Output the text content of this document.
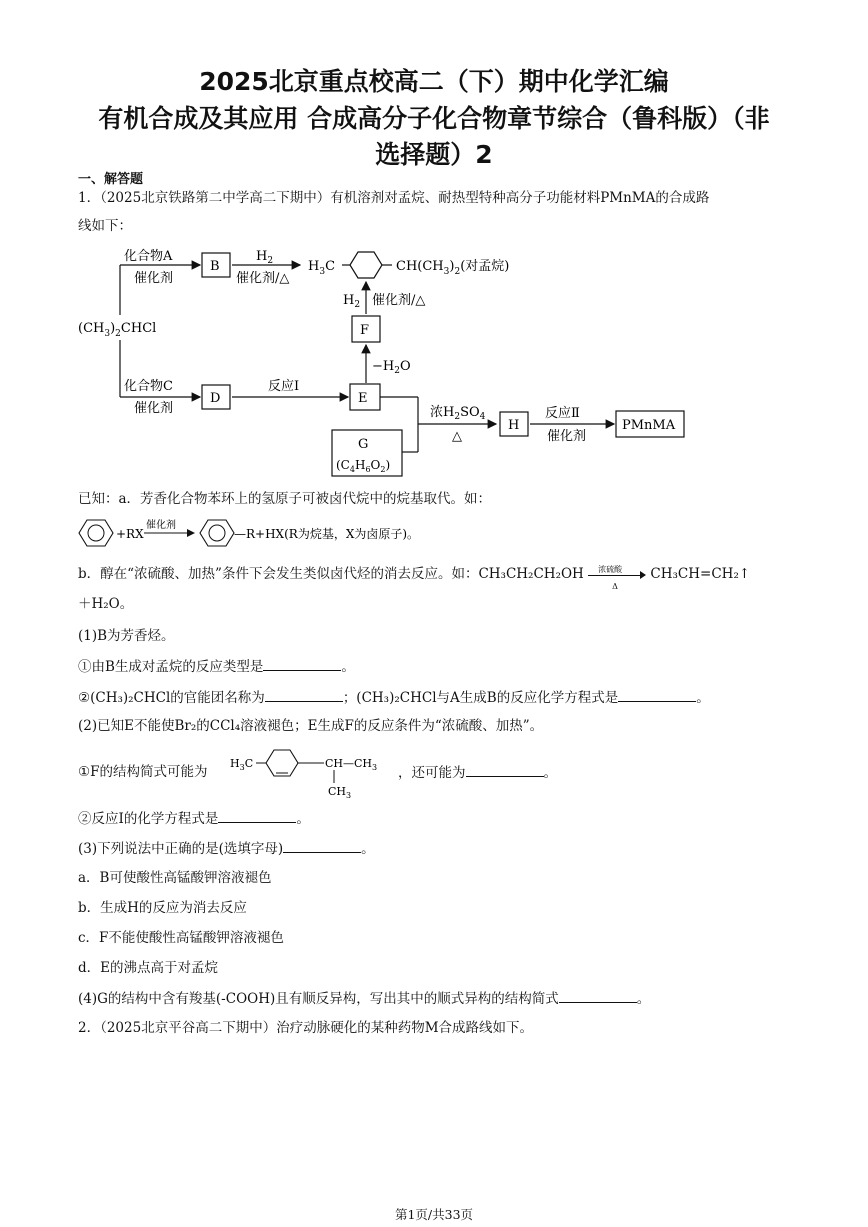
2025北京重点校高二（下）期中化学汇编
有机合成及其应用 合成高分子化合物章节综合（鲁科版）（非
选择题）2
一、解答题
1．（2025北京铁路第二中学高二下期中）有机溶剂对孟烷、耐热型特种高分子功能材料PMnMA的合成路
线如下：
$(CH_3)_2CHCl$
化合物A
催化剂
B
$H_2$
催化剂/△
$H_3C$	$CH(CH_3)_2$(对孟烷)
$H_2$ 催化剂/△
F
$-H_2O$
化合物C
催化剂
D
反应Ⅰ
E
浓$H_2SO_4$
△
G
$(C_4H_6O_2)$
H
反应Ⅱ
催化剂
PMnMA
已知：a．芳香化合物苯环上的氢原子可被卤代烷中的烷基取代。如：
+RX
催化剂
—R+HX(R为烷基，X为卤原子)。
b．醇在“浓硫酸、加热”条件下会发生类似卤代烃的消去反应。如：CH₃CH₂CH₂OH 浓硫酸
Δ
CH₃CH=CH₂↑
＋H₂O。
(1)B为芳香烃。
①由B生成对孟烷的反应类型是	。
②(CH₃)₂CHCl的官能团名称为	；(CH₃)₂CHCl与A生成B的反应化学方程式是	。
(2)已知E不能使Br₂的CCl₄溶液褪色；E生成F的反应条件为“浓硫酸、加热”。
①F的结构简式可能为
$H_3C$	$CH—CH_3$
$CH_3$
，还可能为	。
②反应I的化学方程式是	。
(3)下列说法中正确的是(选填字母)	。
a．B可使酸性高锰酸钾溶液褪色
b．生成H的反应为消去反应
c．F不能使酸性高锰酸钾溶液褪色
d．E的沸点高于对孟烷
(4)G的结构中含有羧基(-COOH)且有顺反异构，写出其中的顺式异构的结构简式	。
2．（2025北京平谷高二下期中）治疗动脉硬化的某种药物M合成路线如下。
第1页/共33页
